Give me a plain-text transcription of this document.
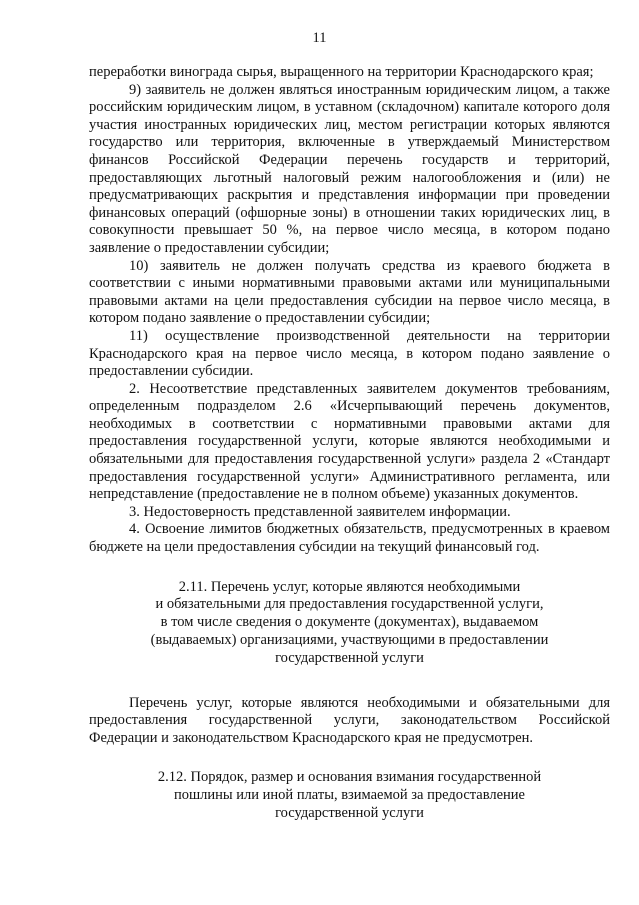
11

переработки винограда сырья, выращенного на территории Краснодарского края;

9) заявитель не должен являться иностранным юридическим лицом, а также российским юридическим лицом, в уставном (складочном) капитале которого доля участия иностранных юридических лиц, местом регистрации которых являются государство или территория, включенные в утверждаемый Министерством финансов Российской Федерации перечень государств и территорий, предоставляющих льготный налоговый режим налогообложения и (или) не предусматривающих раскрытия и представления информации при проведении финансовых операций (офшорные зоны) в отношении таких юридических лиц, в совокупности превышает 50 %, на первое число месяца, в котором подано заявление о предоставлении субсидии;

10) заявитель не должен получать средства из краевого бюджета в соответствии с иными нормативными правовыми актами или муниципальными правовыми актами на цели предоставления субсидии на первое число месяца, в котором подано заявление о предоставлении субсидии;

11) осуществление производственной деятельности на территории Краснодарского края на первое число месяца, в котором подано заявление о предоставлении субсидии.

2. Несоответствие представленных заявителем документов требованиям, определенным подразделом 2.6 «Исчерпывающий перечень документов, необходимых в соответствии с нормативными правовыми актами для предоставления государственной услуги, которые являются необходимыми и обязательными для предоставления государственной услуги» раздела 2 «Стандарт предоставления государственной услуги» Административного регламента, или непредставление (предоставление не в полном объеме) указанных документов.

3. Недостоверность представленной заявителем информации.

4. Освоение лимитов бюджетных обязательств, предусмотренных в краевом бюджете на цели предоставления субсидии на текущий финансовый год.

2.11. Перечень услуг, которые являются необходимыми
и обязательными для предоставления государственной услуги,
в том числе сведения о документе (документах), выдаваемом
(выдаваемых) организациями, участвующими в предоставлении
государственной услуги

Перечень услуг, которые являются необходимыми и обязательными для предоставления государственной услуги, законодательством Российской Федерации и законодательством Краснодарского края не предусмотрен.

2.12. Порядок, размер и основания взимания государственной
пошлины или иной платы, взимаемой за предоставление
государственной услуги
